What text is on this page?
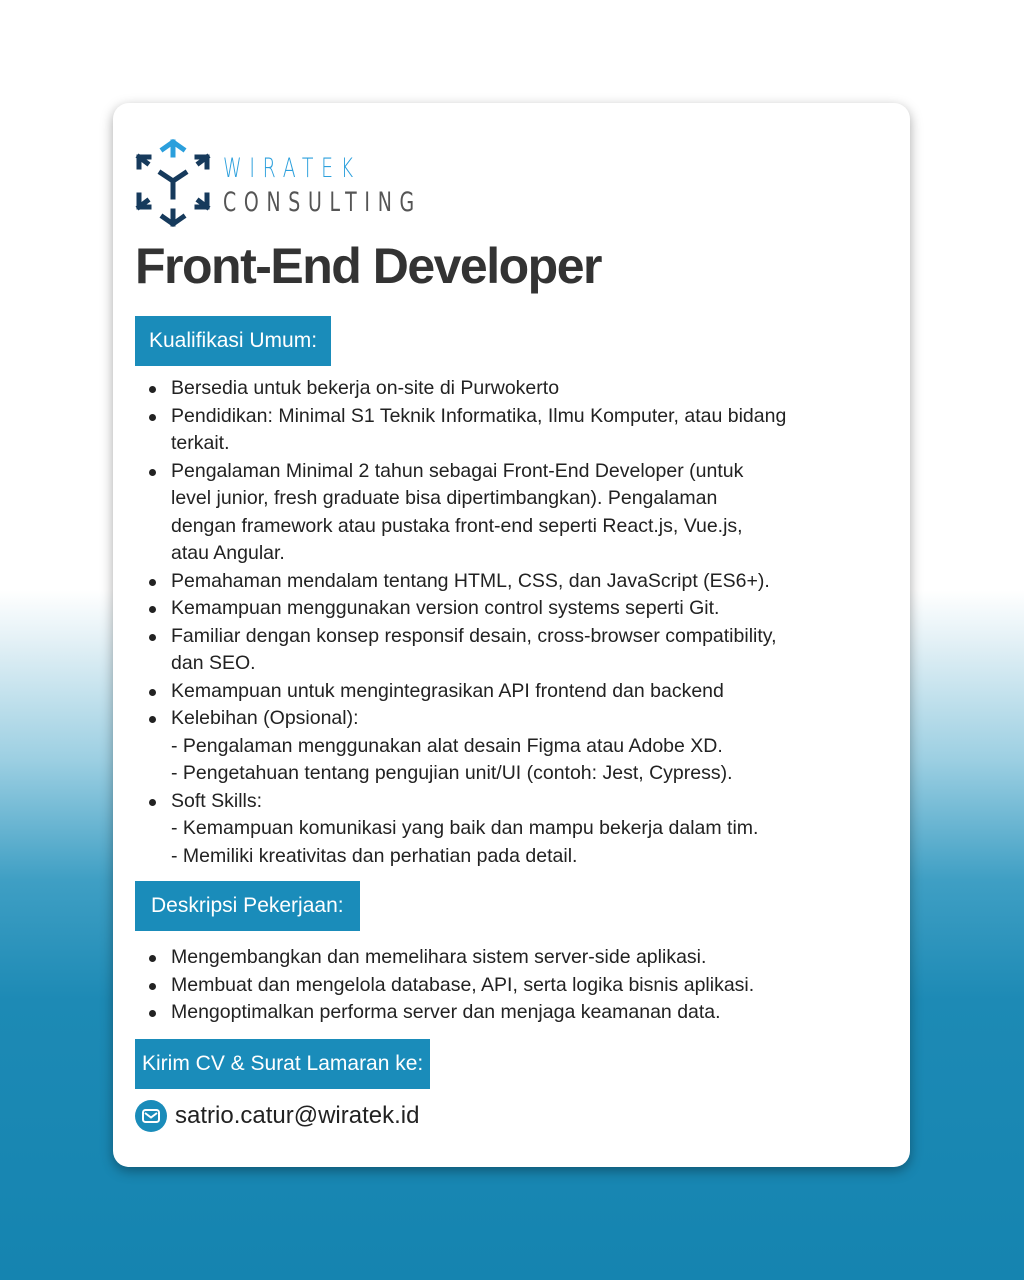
WIRATEK
CONSULTING
Front-End Developer
Kualifikasi Umum:
Bersedia untuk bekerja on-site di Purwokerto
Pendidikan: Minimal S1 Teknik Informatika, Ilmu Komputer, atau bidang
terkait.
Pengalaman Minimal 2 tahun sebagai Front-End Developer (untuk
level junior, fresh graduate bisa dipertimbangkan). Pengalaman
dengan framework atau pustaka front-end seperti React.js, Vue.js,
atau Angular.
Pemahaman mendalam tentang HTML, CSS, dan JavaScript (ES6+).
Kemampuan menggunakan version control systems seperti Git.
Familiar dengan konsep responsif desain, cross-browser compatibility,
dan SEO.
Kemampuan untuk mengintegrasikan API frontend dan backend
Kelebihan (Opsional):
- Pengalaman menggunakan alat desain Figma atau Adobe XD.
- Pengetahuan tentang pengujian unit/UI (contoh: Jest, Cypress).
Soft Skills:
- Kemampuan komunikasi yang baik dan mampu bekerja dalam tim.
- Memiliki kreativitas dan perhatian pada detail.
Deskripsi Pekerjaan:
Mengembangkan dan memelihara sistem server-side aplikasi.
Membuat dan mengelola database, API, serta logika bisnis aplikasi.
Mengoptimalkan performa server dan menjaga keamanan data.
Kirim CV & Surat Lamaran ke:
satrio.catur@wiratek.id
